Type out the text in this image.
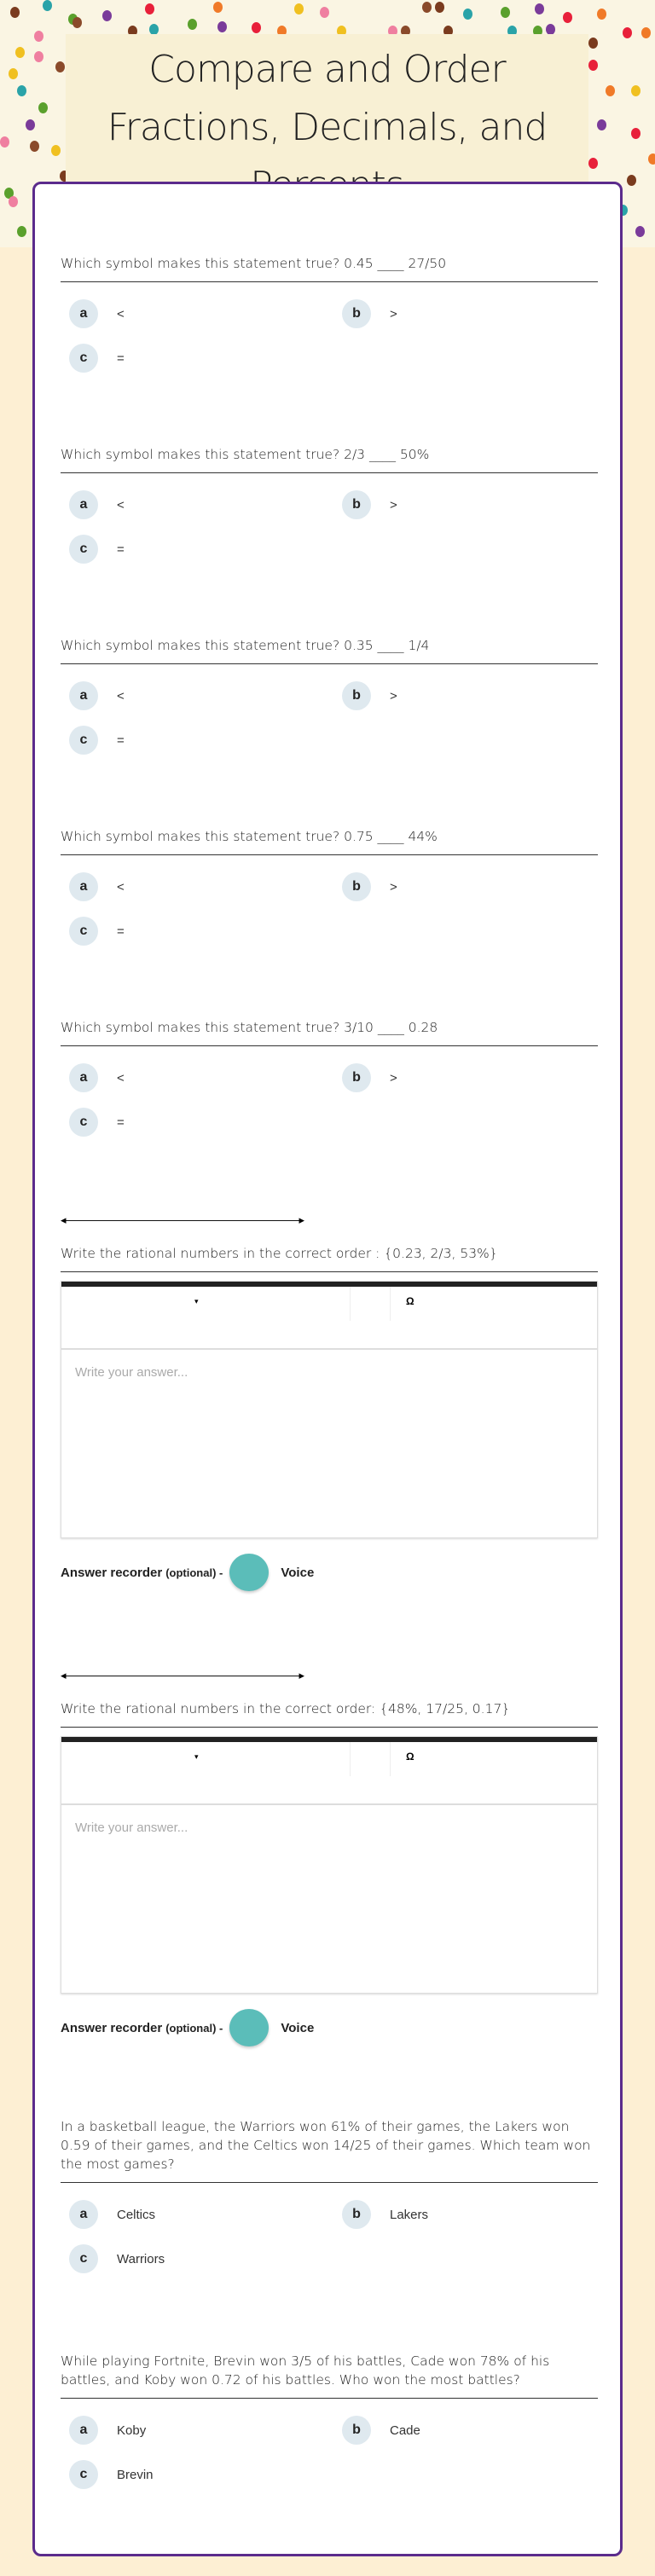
Compare and Order Fractions, Decimals, and
Which symbol makes this statement true? 0.45 ____ 27/50
a	<	b	>
c	=
Which symbol makes this statement true? 2/3 ____ 50%
a	<	b	>
c	=
Which symbol makes this statement true? 0.35 ____ 1/4
a	<	b	>
c	=
Which symbol makes this statement true? 0.75 ____ 44%
a	<	b	>
c	=
Which symbol makes this statement true? 3/10 ____ 0.28
a	<	b	>
c	=
◂	▸
Write the rational numbers in the correct order : {0.23, 2/3, 53%}
▾	Ω
Write your answer...
Answer recorder (optional) -	Voice
◂	▸
Write the rational numbers in the correct order: {48%, 17/25, 0.17}
▾	Ω
Write your answer...
Answer recorder (optional) -	Voice
In a basketball league, the Warriors won 61% of their games, the Lakers won 0.59 of their games, and the Celtics won 14/25 of their games. Which team won the most games?
a	Celtics	b	Lakers
c	Warriors
While playing Fortnite, Brevin won 3/5 of his battles, Cade won 78% of his battles, and Koby won 0.72 of his battles. Who won the most battles?
a	Koby	b	Cade
c	Brevin
